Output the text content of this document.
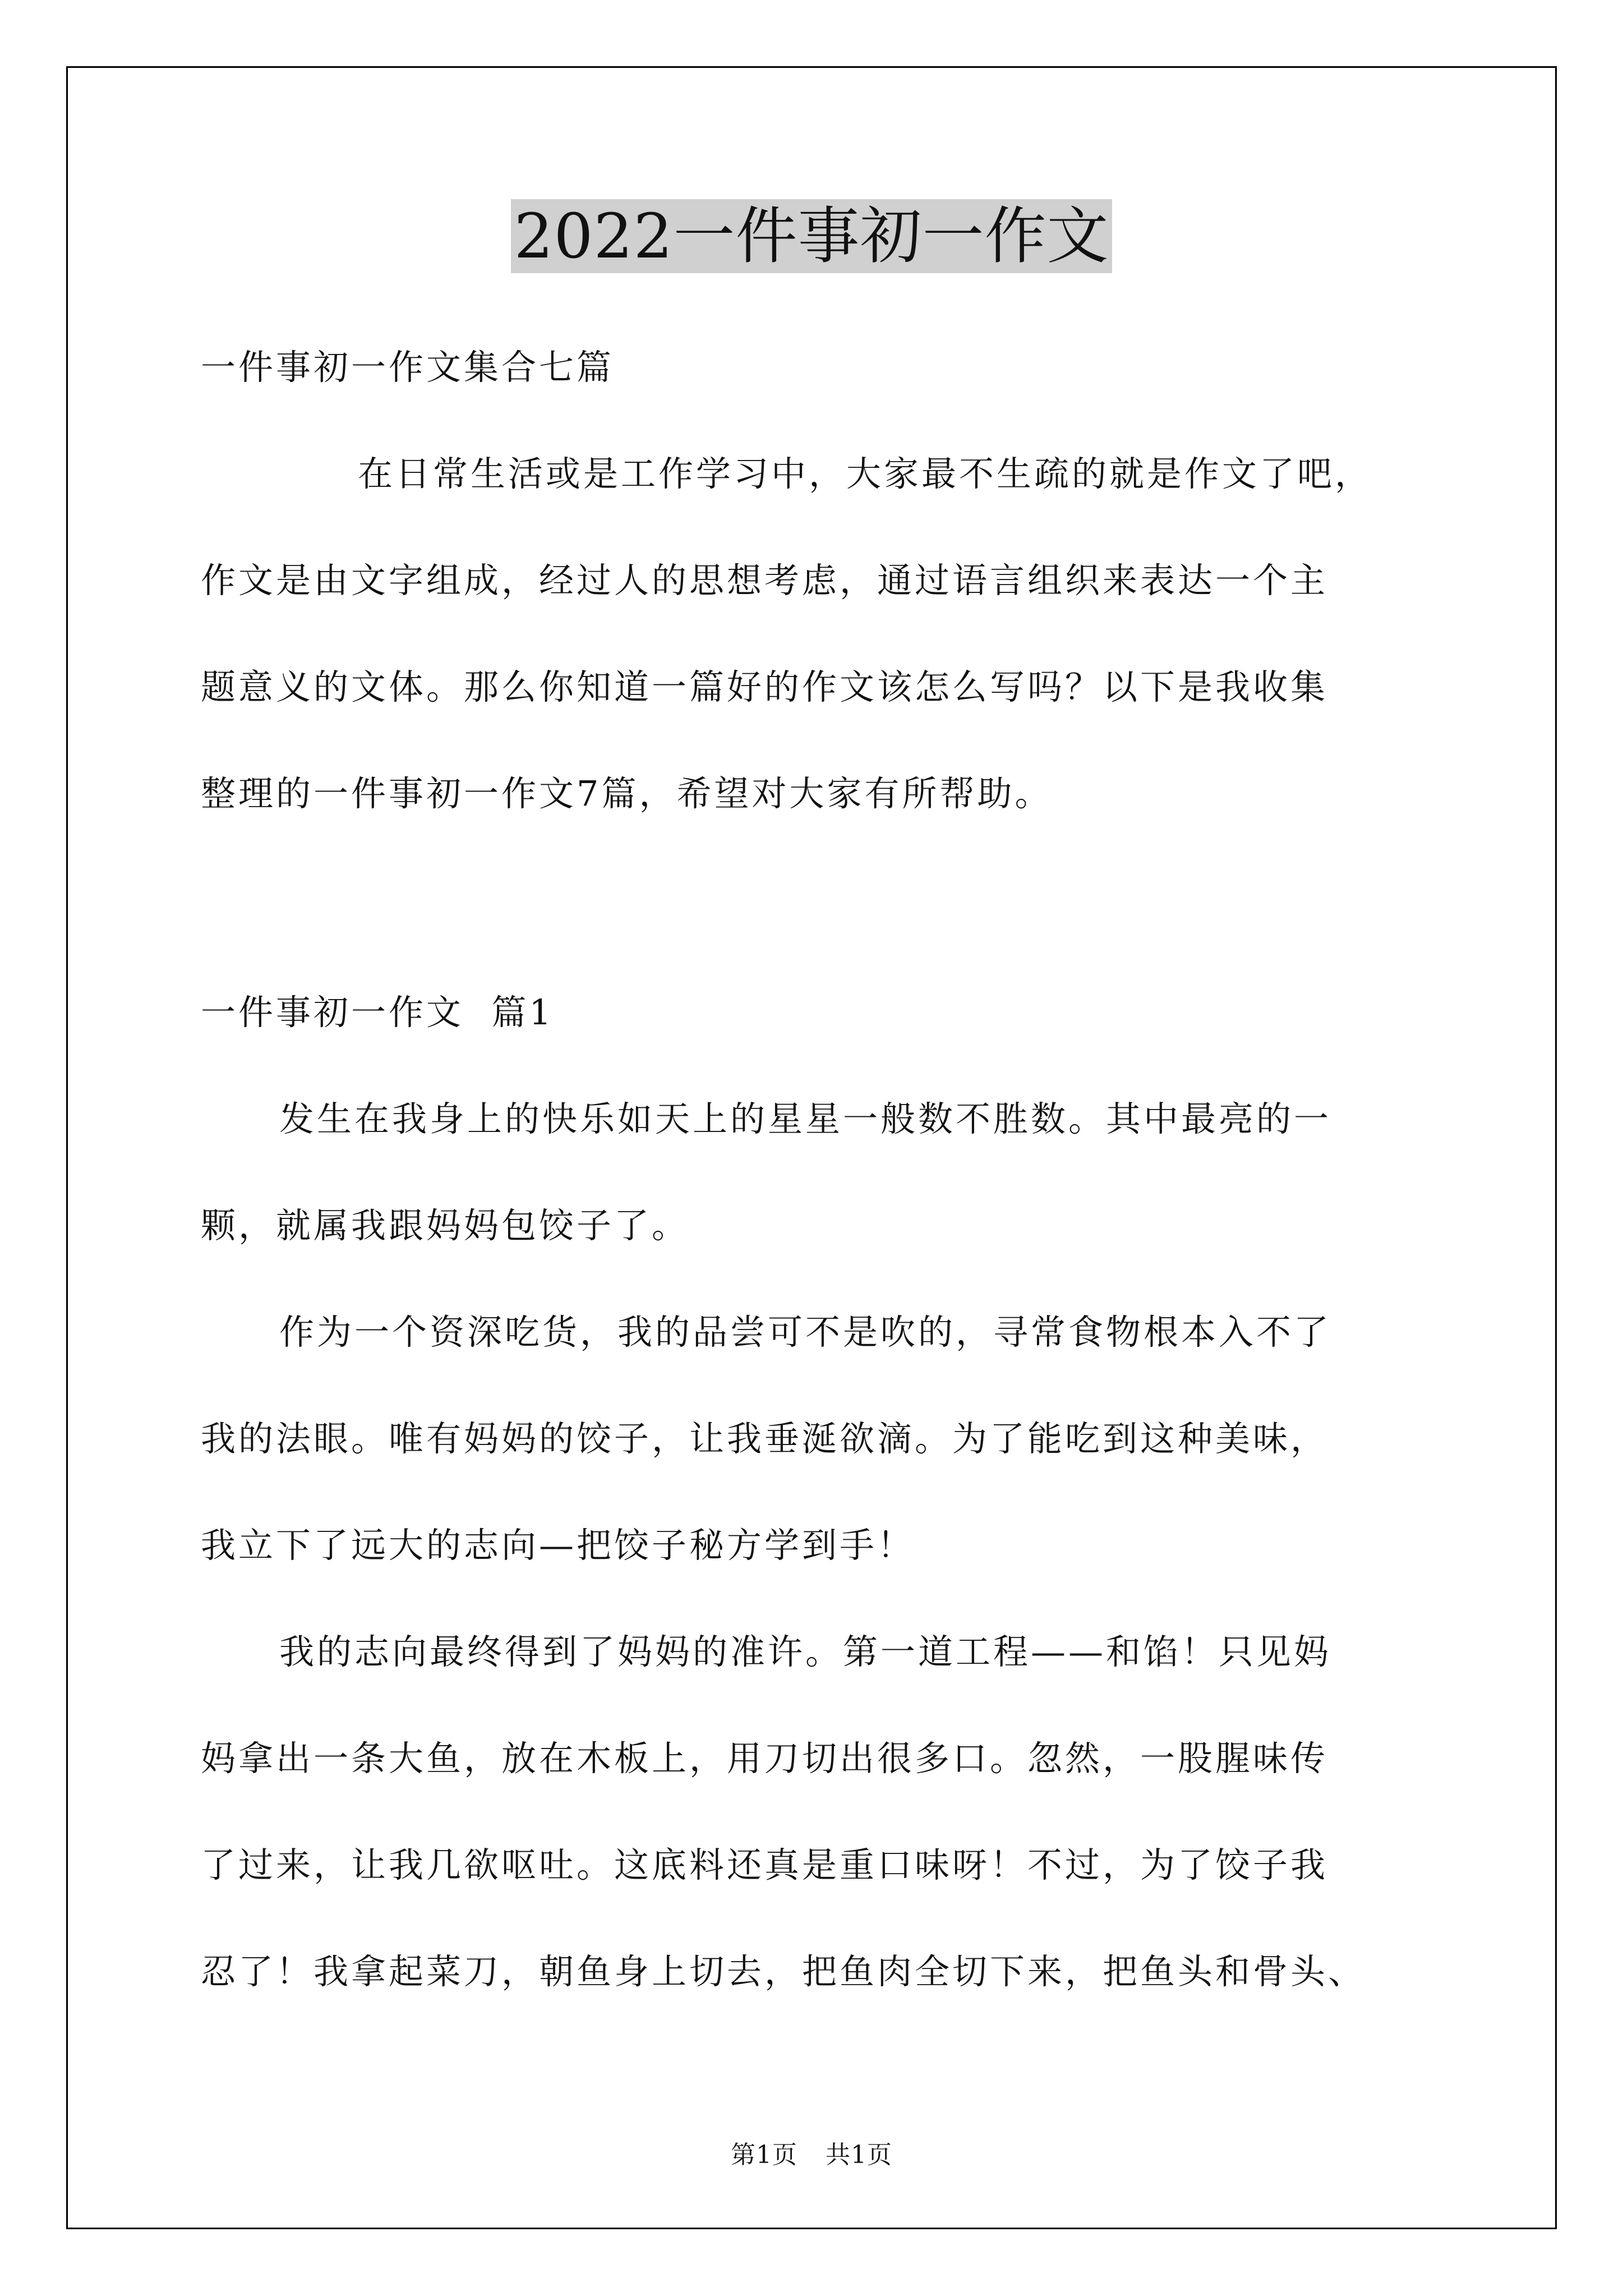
2022一件事初一作文
一件事初一作文集合七篇
在日常生活或是工作学习中，大家最不生疏的就是作文了吧，
作文是由文字组成，经过人的思想考虑，通过语言组织来表达一个主
题意义的文体。那么你知道一篇好的作文该怎么写吗？以下是我收集
整理的一件事初一作文7篇，希望对大家有所帮助。
一件事初一作文  篇1
发生在我身上的快乐如天上的星星一般数不胜数。其中最亮的一
颗，就属我跟妈妈包饺子了。
作为一个资深吃货，我的品尝可不是吹的，寻常食物根本入不了
我的法眼。唯有妈妈的饺子，让我垂涎欲滴。为了能吃到这种美味，
我立下了远大的志向—把饺子秘方学到手！
我的志向最终得到了妈妈的准许。第一道工程——和馅！只见妈
妈拿出一条大鱼，放在木板上，用刀切出很多口。忽然，一股腥味传
了过来，让我几欲呕吐。这底料还真是重口味呀！不过，为了饺子我
忍了！我拿起菜刀，朝鱼身上切去，把鱼肉全切下来，把鱼头和骨头、
第1页 共1页
